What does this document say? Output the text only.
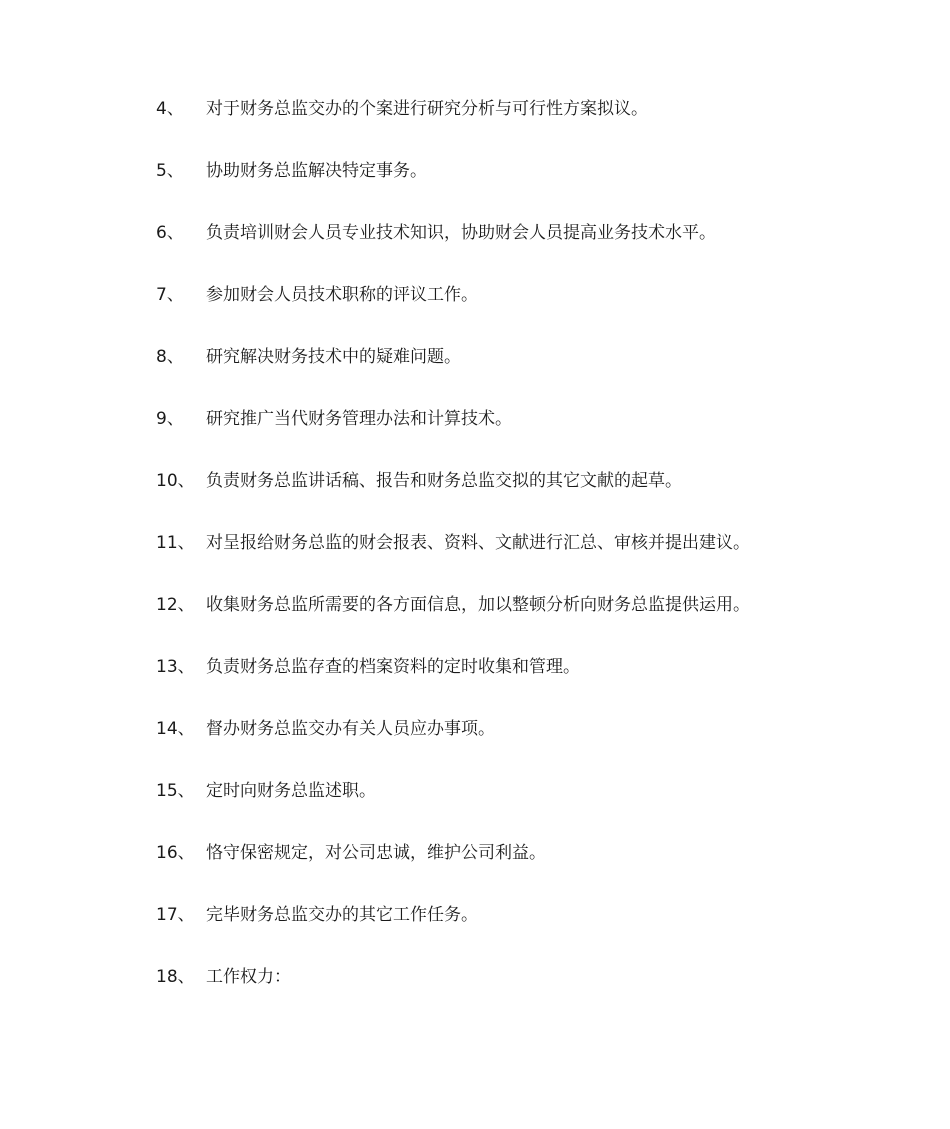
4、	对于财务总监交办的个案进行研究分析与可行性方案拟议。
5、	协助财务总监解决特定事务。
6、	负责培训财会人员专业技术知识，协助财会人员提高业务技术水平。
7、	参加财会人员技术职称的评议工作。
8、	研究解决财务技术中的疑难问题。
9、	研究推广当代财务管理办法和计算技术。
10、 负责财务总监讲话稿、报告和财务总监交拟的其它文献的起草。
11、 对呈报给财务总监的财会报表、资料、文献进行汇总、审核并提出建议。
12、 收集财务总监所需要的各方面信息，加以整顿分析向财务总监提供运用。
13、 负责财务总监存查的档案资料的定时收集和管理。
14、 督办财务总监交办有关人员应办事项。
15、 定时向财务总监述职。
16、 恪守保密规定，对公司忠诚，维护公司利益。
17、 完毕财务总监交办的其它工作任务。
18、 工作权力：
